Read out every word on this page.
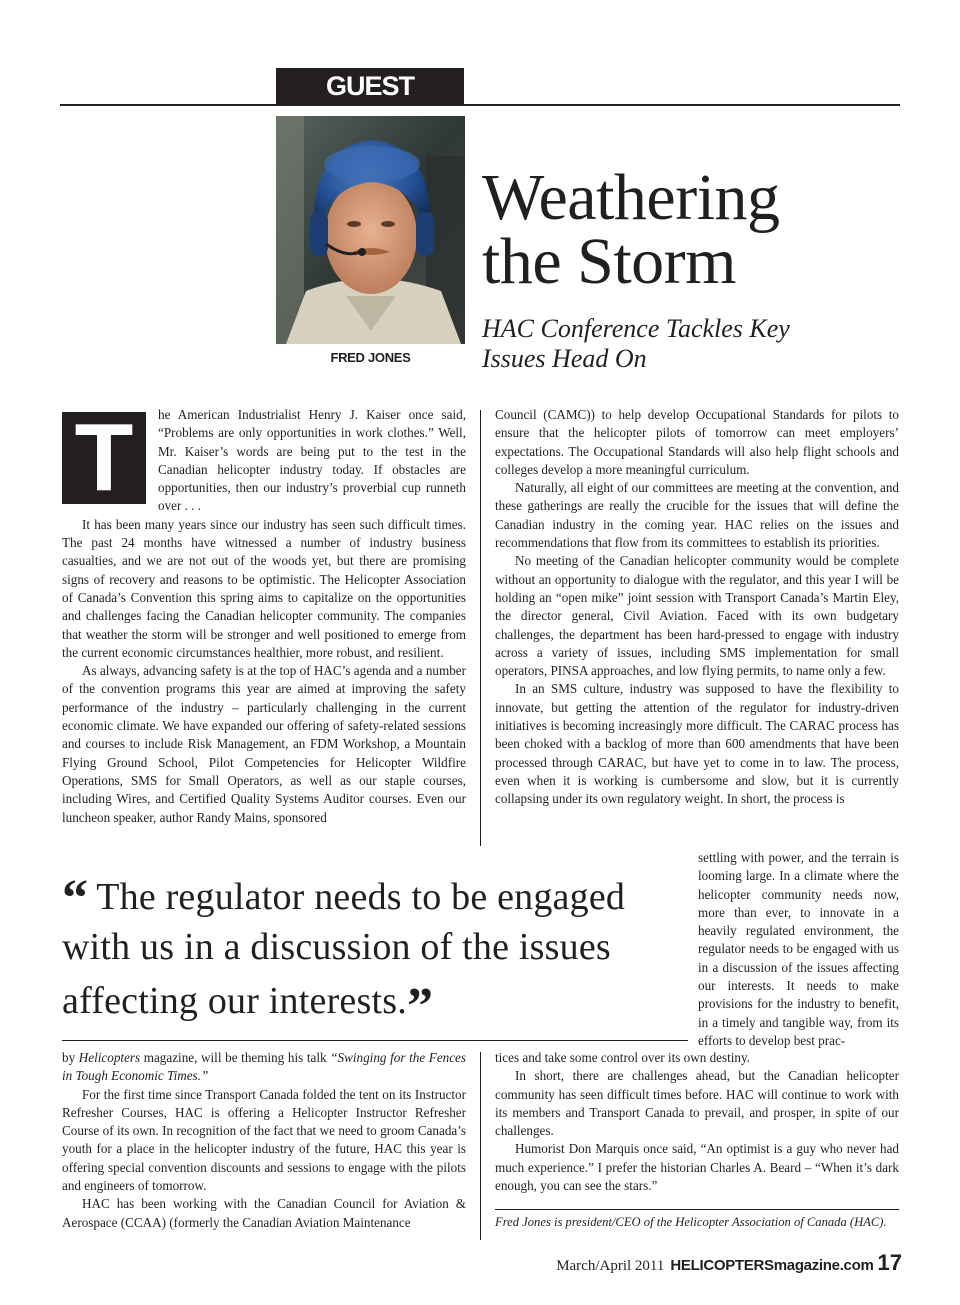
GUEST
FRED JONES
Weathering
the Storm

HAC Conference Tackles Key
Issues Head On

T	he American Industrialist Henry J. Kaiser once said, “Problems are only opportunities in work clothes.” Well, Mr. Kaiser’s words are being put to the test in the Canadian helicopter industry today. If obstacles are opportunities, then our industry’s proverbial cup runneth over . . .

It has been many years since our industry has seen such difficult times. The past 24 months have witnessed a number of industry business casualties, and we are not out of the woods yet, but there are promising signs of recovery and reasons to be optimistic. The Helicopter Association of Canada’s Convention this spring aims to capitalize on the opportunities and challenges facing the Canadian helicopter community. The companies that weather the storm will be stronger and well positioned to emerge from the current economic circumstances healthier, more robust, and resilient.

As always, advancing safety is at the top of HAC’s agenda and a number of the convention programs this year are aimed at improving the safety performance of the industry – particularly challenging in the current economic climate. We have expanded our offering of safety-related sessions and courses to include Risk Management, an FDM Workshop, a Mountain Flying Ground School, Pilot Competencies for Helicopter Wildfire Operations, SMS for Small Operators, as well as our staple courses, including Wires, and Certified Quality Systems Auditor courses. Even our luncheon speaker, author Randy Mains, sponsored

Council (CAMC)) to help develop Occupational Standards for pilots to ensure that the helicopter pilots of tomorrow can meet employers’ expectations. The Occupational Standards will also help flight schools and colleges develop a more meaningful curriculum.

Naturally, all eight of our committees are meeting at the convention, and these gatherings are really the crucible for the issues that will define the Canadian industry in the coming year. HAC relies on the issues and recommendations that flow from its committees to establish its priorities.

No meeting of the Canadian helicopter community would be complete without an opportunity to dialogue with the regulator, and this year I will be holding an “open mike” joint session with Transport Canada’s Martin Eley, the director general, Civil Aviation. Faced with its own budgetary challenges, the department has been hard-pressed to engage with industry across a variety of issues, including SMS implementation for small operators, PINSA approaches, and low flying permits, to name only a few.

In an SMS culture, industry was supposed to have the flexibility to innovate, but getting the attention of the regulator for industry-driven initiatives is becoming increasingly more difficult. The CARAC process has been choked with a backlog of more than 600 amendments that have been processed through CARAC, but have yet to come in to law. The process, even when it is working is cumbersome and slow, but it is currently collapsing under its own regulatory weight. In short, the process is

settling with power, and the terrain is looming large. In a climate where the helicopter community needs now, more than ever, to innovate in a heavily regulated environment, the regulator needs to be engaged with us in a discussion of the issues affecting our interests. It needs to make provisions for the industry to benefit, in a timely and tangible way, from its efforts to develop best prac-

“ The regulator needs to be engaged with us in a discussion of the issues affecting our interests.”

by Helicopters magazine, will be theming his talk “Swinging for the Fences in Tough Economic Times.”

For the first time since Transport Canada folded the tent on its Instructor Refresher Courses, HAC is offering a Helicopter Instructor Refresher Course of its own. In recognition of the fact that we need to groom Canada’s youth for a place in the helicopter industry of the future, HAC this year is offering special convention discounts and sessions to engage with the pilots and engineers of tomorrow.

HAC has been working with the Canadian Council for Aviation & Aerospace (CCAA) (formerly the Canadian Aviation Maintenance

tices and take some control over its own destiny.

In short, there are challenges ahead, but the Canadian helicopter community has seen difficult times before. HAC will continue to work with its members and Transport Canada to prevail, and prosper, in spite of our challenges.

Humorist Don Marquis once said, “An optimist is a guy who never had much experience.” I prefer the historian Charles A. Beard – “When it’s dark enough, you can see the stars.”

Fred Jones is president/CEO of the Helicopter Association of Canada (HAC).
March/April 2011 HELICOPTERSmagazine.com 17
